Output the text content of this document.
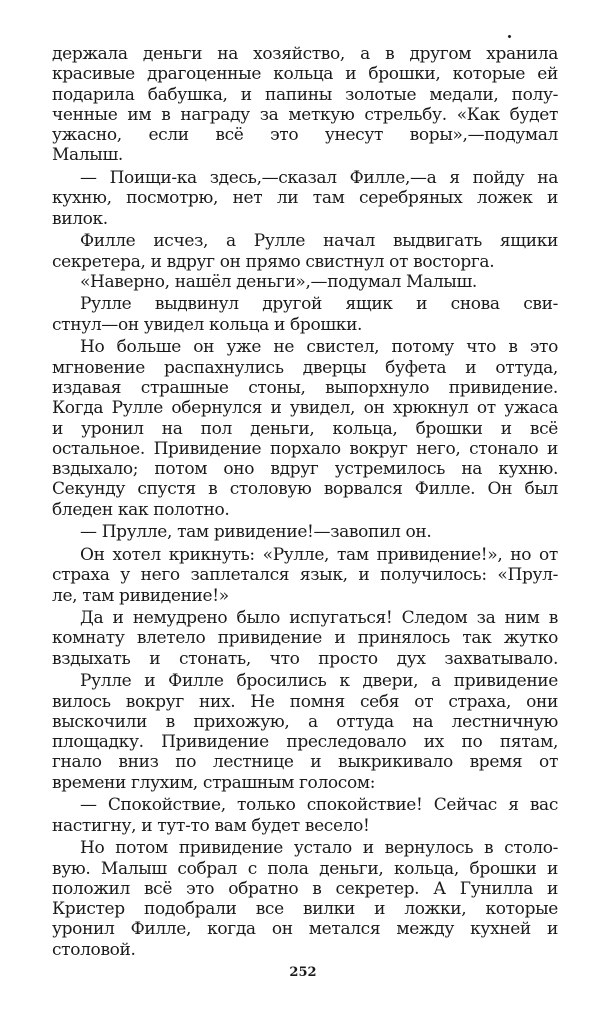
держала деньги на хозяйство, а в другом хранила
красивые драгоценные кольца и брошки, которые ей
подарила бабушка, и папины золотые медали, полу-
ченные им в награду за меткую стрельбу. «Как будет
ужасно, если всё это унесут воры»,—подумал
Малыш.
— Поищи-ка здесь,—сказал Филле,—а я пойду на
кухню, посмотрю, нет ли там серебряных ложек и
вилок.
Филле исчез, а Рулле начал выдвигать ящики
секретера, и вдруг он прямо свистнул от восторга.
«Наверно, нашёл деньги»,—подумал Малыш.
Рулле выдвинул другой ящик и снова сви-
стнул—он увидел кольца и брошки.
Но больше он уже не свистел, потому что в это
мгновение распахнулись дверцы буфета и оттуда,
издавая страшные стоны, выпорхнуло привидение.
Когда Рулле обернулся и увидел, он хрюкнул от ужаса
и уронил на пол деньги, кольца, брошки и всё
остальное. Привидение порхало вокруг него, стонало и
вздыхало; потом оно вдруг устремилось на кухню.
Секунду спустя в столовую ворвался Филле. Он был
бледен как полотно.
— Прулле, там ривидение!—завопил он.
Он хотел крикнуть: «Рулле, там привидение!», но от
страха у него заплетался язык, и получилось: «Прул-
ле, там ривидение!»
Да и немудрено было испугаться! Следом за ним в
комнату влетело привидение и принялось так жутко
вздыхать и стонать, что просто дух захватывало.
Рулле и Филле бросились к двери, а привидение
вилось вокруг них. Не помня себя от страха, они
выскочили в прихожую, а оттуда на лестничную
площадку. Привидение преследовало их по пятам,
гнало вниз по лестнице и выкрикивало время от
времени глухим, страшным голосом:
— Спокойствие, только спокойствие! Сейчас я вас
настигну, и тут-то вам будет весело!
Но потом привидение устало и вернулось в столо-
вую. Малыш собрал с пола деньги, кольца, брошки и
положил всё это обратно в секретер. А Гунилла и
Кристер подобрали все вилки и ложки, которые
уронил Филле, когда он метался между кухней и
столовой.
252
